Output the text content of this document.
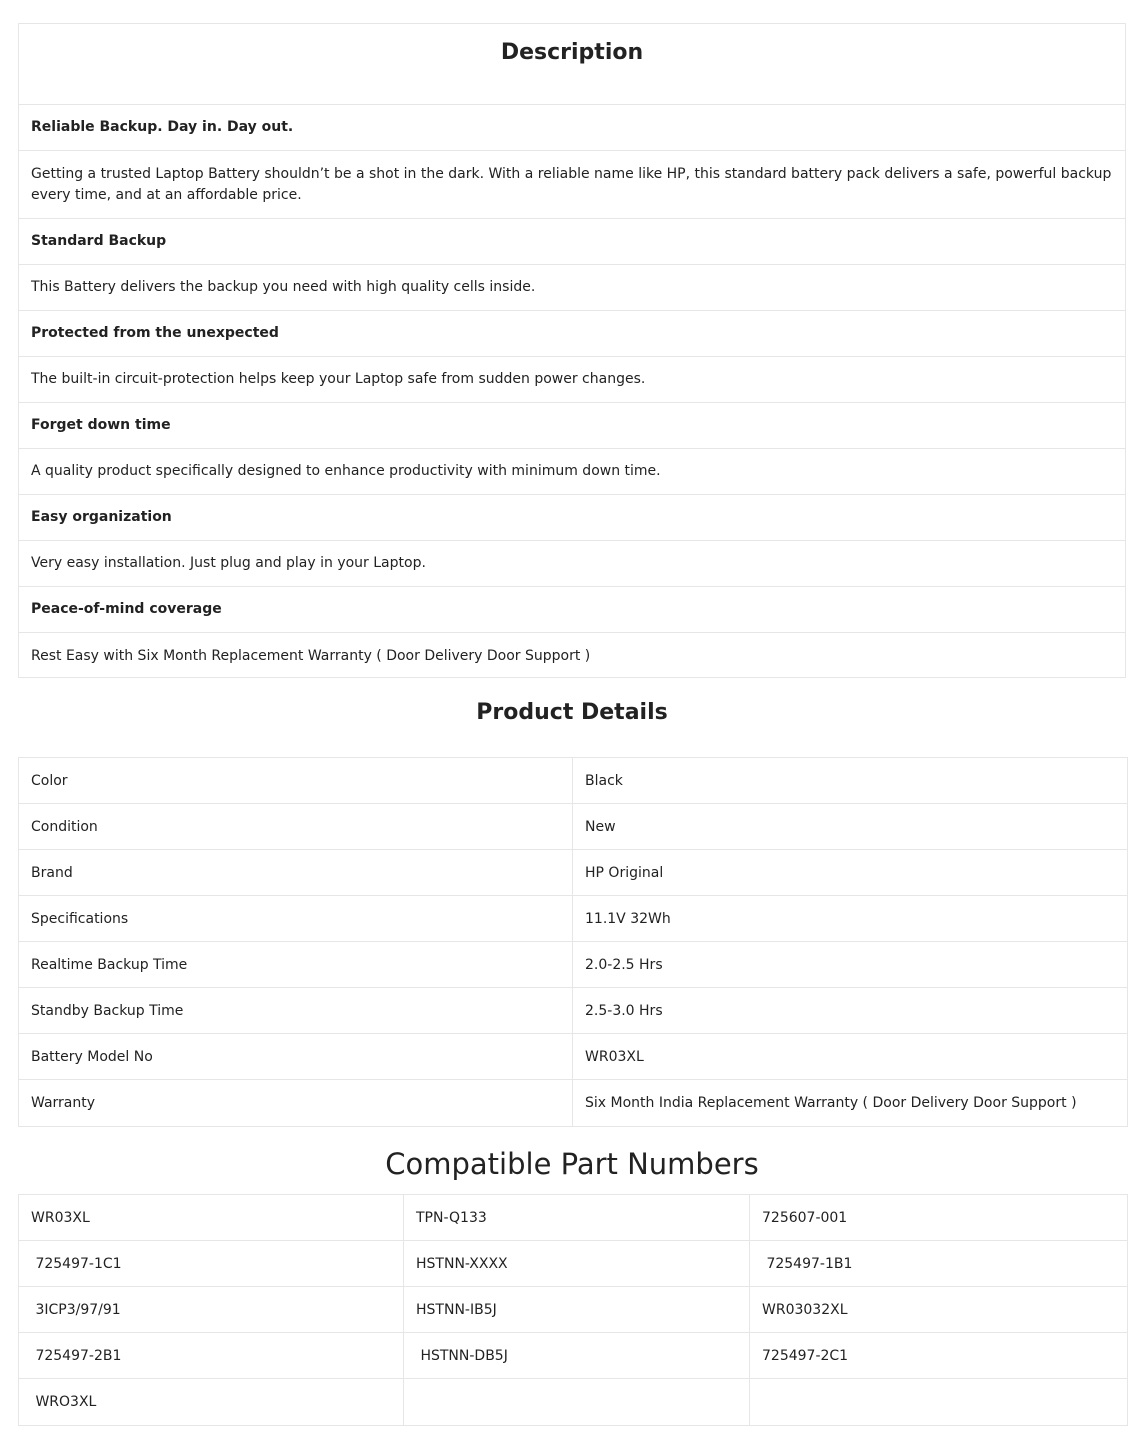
Description
Reliable Backup. Day in. Day out.
Getting a trusted Laptop Battery shouldn’t be a shot in the dark. With a reliable name like HP, this standard battery pack delivers a safe, powerful backup every time, and at an affordable price.
Standard Backup
This Battery delivers the backup you need with high quality cells inside.
Protected from the unexpected
The built-in circuit-protection helps keep your Laptop safe from sudden power changes.
Forget down time
A quality product specifically designed to enhance productivity with minimum down time.
Easy organization
Very easy installation. Just plug and play in your Laptop.
Peace-of-mind coverage
Rest Easy with Six Month Replacement Warranty ( Door Delivery Door Support )
Product Details
Color	Black
Condition	New
Brand	HP Original
Specifications	11.1V 32Wh
Realtime Backup Time	2.0-2.5 Hrs
Standby Backup Time	2.5-3.0 Hrs
Battery Model No	WR03XL
Warranty	Six Month India Replacement Warranty ( Door Delivery Door Support )
Compatible Part Numbers
WR03XL	TPN-Q133	725607-001
725497-1C1	HSTNN-XXXX	725497-1B1
3ICP3/97/91	HSTNN-IB5J	WR03032XL
725497-2B1	HSTNN-DB5J	725497-2C1
WRO3XL
